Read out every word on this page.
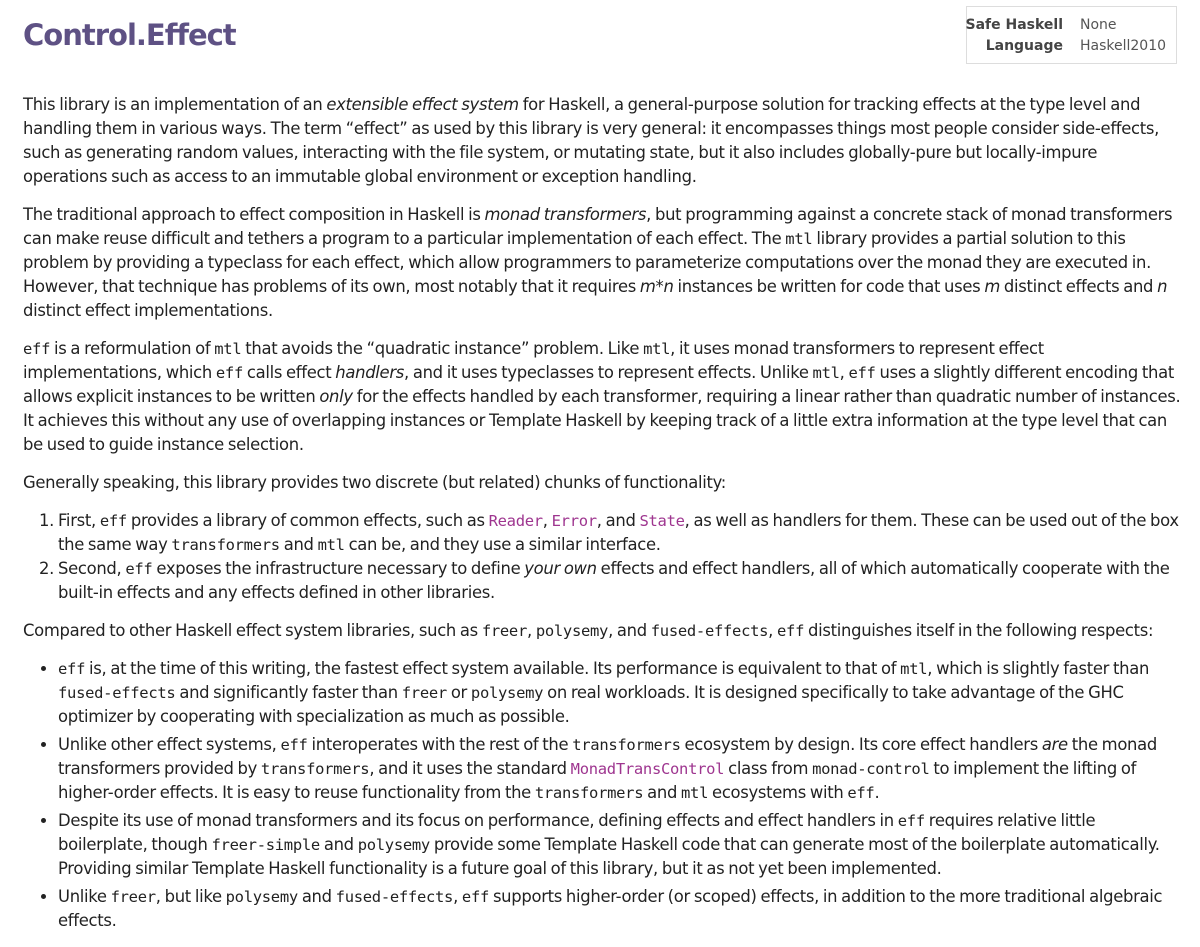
Control.Effect	Safe Haskell None
Language Haskell2010

This library is an implementation of an extensible effect system for Haskell, a general-purpose solution for tracking effects at the type level and handling them in various ways. The term “effect” as used by this library is very general: it encompasses things most people consider side-effects, such as generating random values, interacting with the file system, or mutating state, but it also includes globally-pure but locally-impure operations such as access to an immutable global environment or exception handling.

The traditional approach to effect composition in Haskell is monad transformers, but programming against a concrete stack of monad transformers can make reuse difficult and tethers a program to a particular implementation of each effect. The mtl library provides a partial solution to this problem by providing a typeclass for each effect, which allow programmers to parameterize computations over the monad they are executed in. However, that technique has problems of its own, most notably that it requires m*n instances be written for code that uses m distinct effects and n distinct effect implementations.

eff is a reformulation of mtl that avoids the “quadratic instance” problem. Like mtl, it uses monad transformers to represent effect implementations, which eff calls effect handlers, and it uses typeclasses to represent effects. Unlike mtl, eff uses a slightly different encoding that allows explicit instances to be written only for the effects handled by each transformer, requiring a linear rather than quadratic number of instances. It achieves this without any use of overlapping instances or Template Haskell by keeping track of a little extra information at the type level that can be used to guide instance selection.

Generally speaking, this library provides two discrete (but related) chunks of functionality:

1. First, eff provides a library of common effects, such as Reader, Error, and State, as well as handlers for them. These can be used out of the box the same way transformers and mtl can be, and they use a similar interface.
2. Second, eff exposes the infrastructure necessary to define your own effects and effect handlers, all of which automatically cooperate with the built-in effects and any effects defined in other libraries.

Compared to other Haskell effect system libraries, such as freer, polysemy, and fused-effects, eff distinguishes itself in the following respects:

• eff is, at the time of this writing, the fastest effect system available. Its performance is equivalent to that of mtl, which is slightly faster than fused-effects and significantly faster than freer or polysemy on real workloads. It is designed specifically to take advantage of the GHC optimizer by cooperating with specialization as much as possible.
• Unlike other effect systems, eff interoperates with the rest of the transformers ecosystem by design. Its core effect handlers are the monad transformers provided by transformers, and it uses the standard MonadTransControl class from monad-control to implement the lifting of higher-order effects. It is easy to reuse functionality from the transformers and mtl ecosystems with eff.
• Despite its use of monad transformers and its focus on performance, defining effects and effect handlers in eff requires relative little boilerplate, though freer-simple and polysemy provide some Template Haskell code that can generate most of the boilerplate automatically. Providing similar Template Haskell functionality is a future goal of this library, but it as not yet been implemented.
• Unlike freer, but like polysemy and fused-effects, eff supports higher-order (or scoped) effects, in addition to the more traditional algebraic effects.
